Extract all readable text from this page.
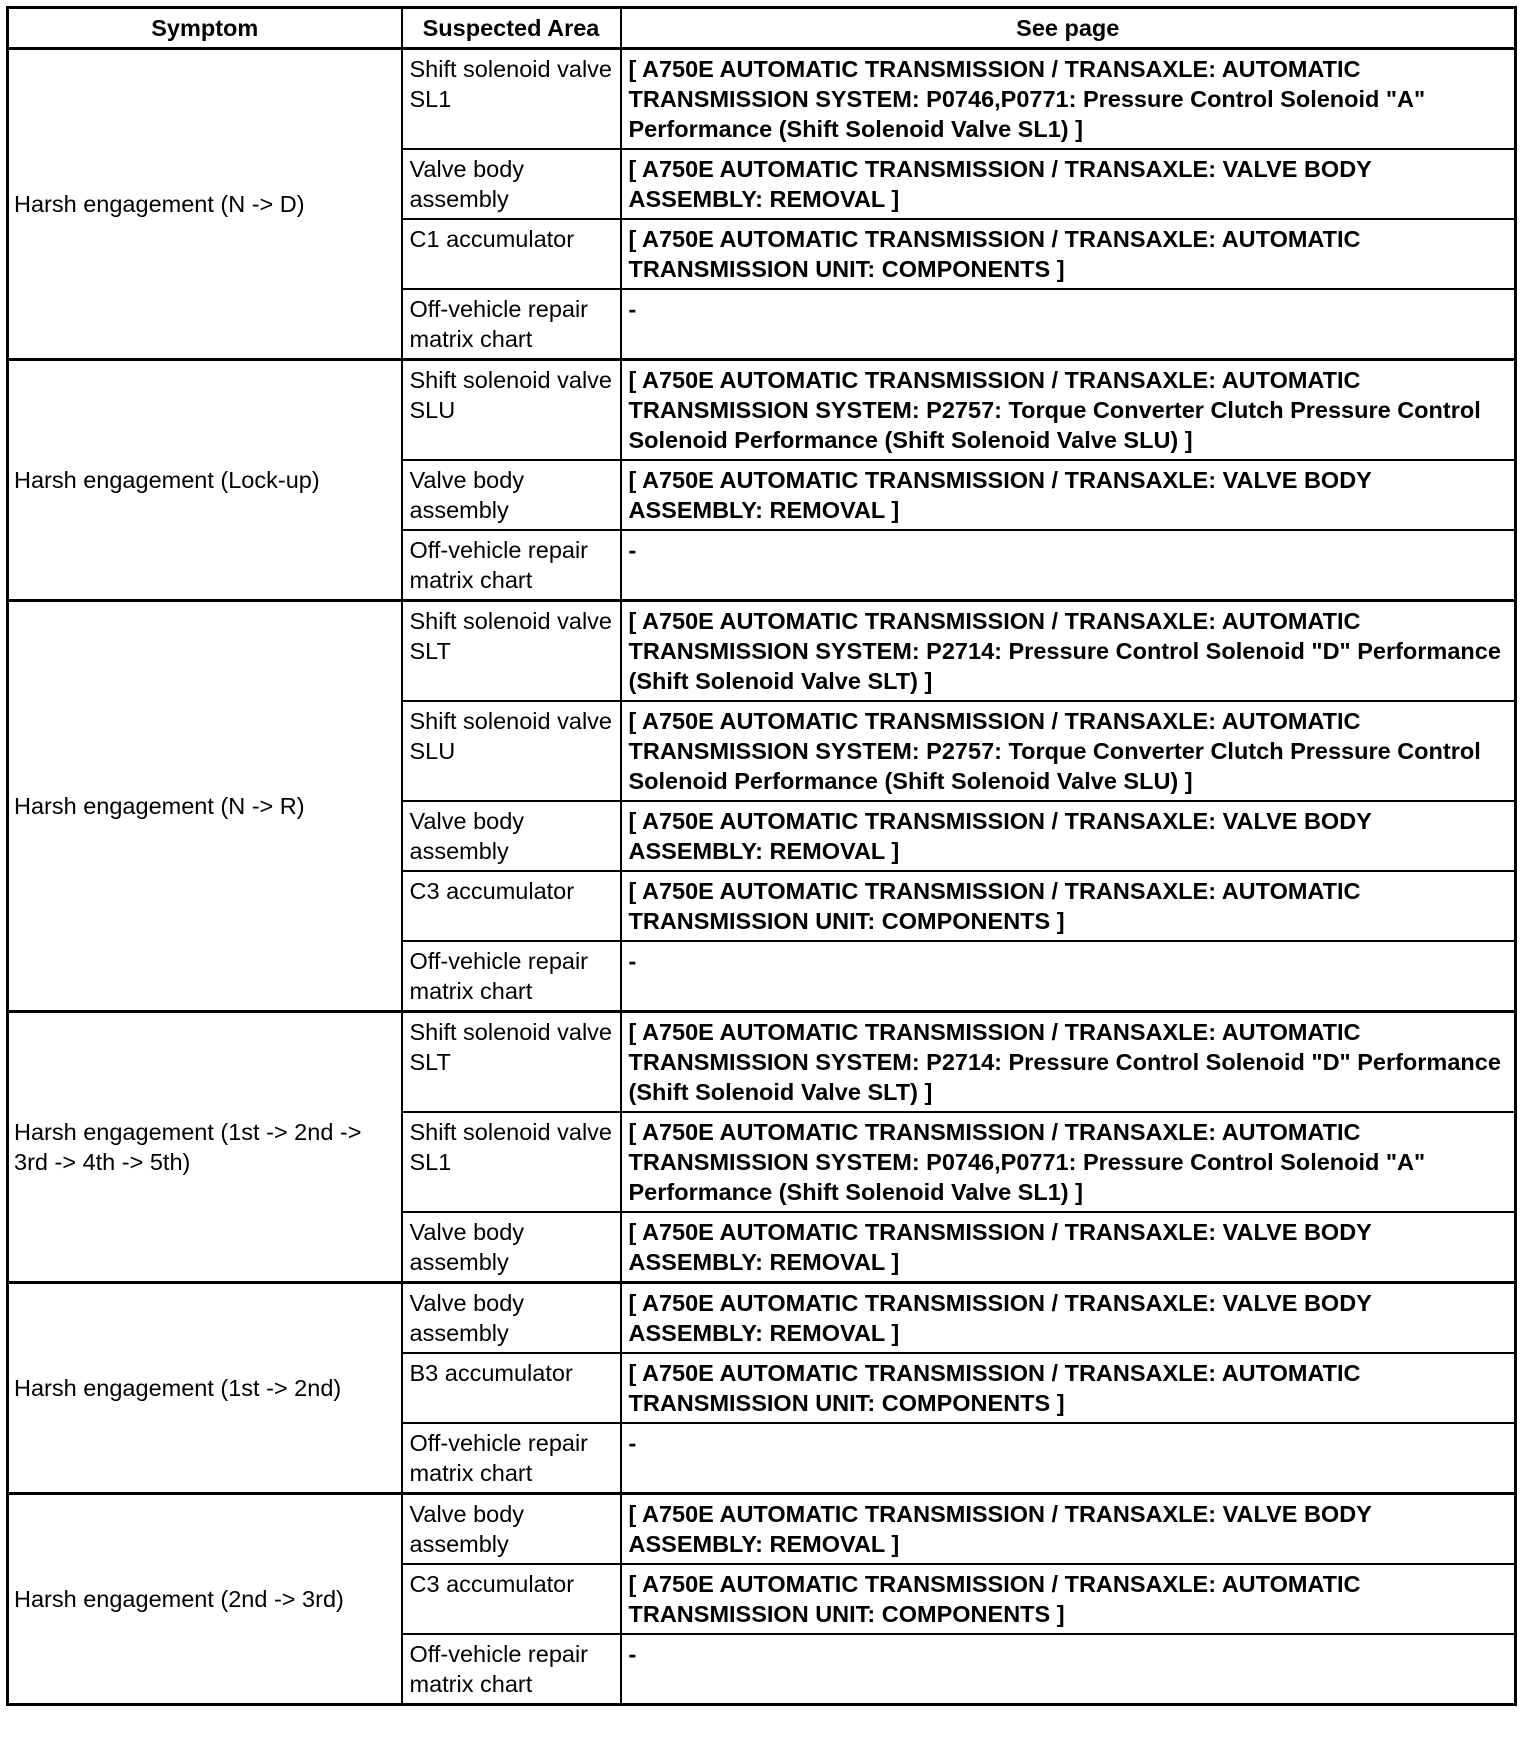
Symptom	Suspected Area	See page
Harsh engagement (N -> D)	Shift solenoid valve SL1	[ A750E AUTOMATIC TRANSMISSION / TRANSAXLE: AUTOMATIC TRANSMISSION SYSTEM: P0746,P0771: Pressure Control Solenoid "A" Performance (Shift Solenoid Valve SL1) ]
	Valve body assembly	[ A750E AUTOMATIC TRANSMISSION / TRANSAXLE: VALVE BODY ASSEMBLY: REMOVAL ]
	C1 accumulator	[ A750E AUTOMATIC TRANSMISSION / TRANSAXLE: AUTOMATIC TRANSMISSION UNIT: COMPONENTS ]
	Off-vehicle repair matrix chart	-
Harsh engagement (Lock-up)	Shift solenoid valve SLU	[ A750E AUTOMATIC TRANSMISSION / TRANSAXLE: AUTOMATIC TRANSMISSION SYSTEM: P2757: Torque Converter Clutch Pressure Control Solenoid Performance (Shift Solenoid Valve SLU) ]
	Valve body assembly	[ A750E AUTOMATIC TRANSMISSION / TRANSAXLE: VALVE BODY ASSEMBLY: REMOVAL ]
	Off-vehicle repair matrix chart	-
Harsh engagement (N -> R)	Shift solenoid valve SLT	[ A750E AUTOMATIC TRANSMISSION / TRANSAXLE: AUTOMATIC TRANSMISSION SYSTEM: P2714: Pressure Control Solenoid "D" Performance (Shift Solenoid Valve SLT) ]
	Shift solenoid valve SLU	[ A750E AUTOMATIC TRANSMISSION / TRANSAXLE: AUTOMATIC TRANSMISSION SYSTEM: P2757: Torque Converter Clutch Pressure Control Solenoid Performance (Shift Solenoid Valve SLU) ]
	Valve body assembly	[ A750E AUTOMATIC TRANSMISSION / TRANSAXLE: VALVE BODY ASSEMBLY: REMOVAL ]
	C3 accumulator	[ A750E AUTOMATIC TRANSMISSION / TRANSAXLE: AUTOMATIC TRANSMISSION UNIT: COMPONENTS ]
	Off-vehicle repair matrix chart	-
Harsh engagement (1st -> 2nd -> 3rd -> 4th -> 5th)	Shift solenoid valve SLT	[ A750E AUTOMATIC TRANSMISSION / TRANSAXLE: AUTOMATIC TRANSMISSION SYSTEM: P2714: Pressure Control Solenoid "D" Performance (Shift Solenoid Valve SLT) ]
	Shift solenoid valve SL1	[ A750E AUTOMATIC TRANSMISSION / TRANSAXLE: AUTOMATIC TRANSMISSION SYSTEM: P0746,P0771: Pressure Control Solenoid "A" Performance (Shift Solenoid Valve SL1) ]
	Valve body assembly	[ A750E AUTOMATIC TRANSMISSION / TRANSAXLE: VALVE BODY ASSEMBLY: REMOVAL ]
Harsh engagement (1st -> 2nd)	Valve body assembly	[ A750E AUTOMATIC TRANSMISSION / TRANSAXLE: VALVE BODY ASSEMBLY: REMOVAL ]
	B3 accumulator	[ A750E AUTOMATIC TRANSMISSION / TRANSAXLE: AUTOMATIC TRANSMISSION UNIT: COMPONENTS ]
	Off-vehicle repair matrix chart	-
Harsh engagement (2nd -> 3rd)	Valve body assembly	[ A750E AUTOMATIC TRANSMISSION / TRANSAXLE: VALVE BODY ASSEMBLY: REMOVAL ]
	C3 accumulator	[ A750E AUTOMATIC TRANSMISSION / TRANSAXLE: AUTOMATIC TRANSMISSION UNIT: COMPONENTS ]
	Off-vehicle repair matrix chart	-
